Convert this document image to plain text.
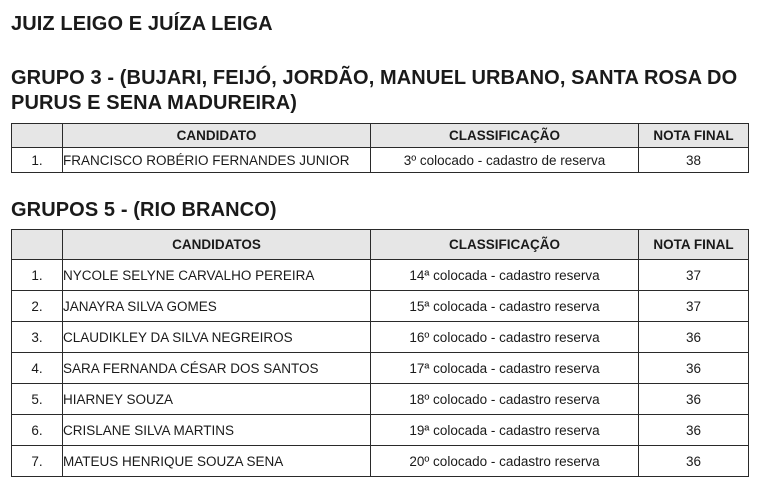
JUIZ LEIGO E JUÍZA LEIGA
GRUPO 3 - (BUJARI, FEIJÓ, JORDÃO, MANUEL URBANO, SANTA ROSA DO PURUS E SENA MADUREIRA)
	CANDIDATO	CLASSIFICAÇÃO	NOTA FINAL
1.	FRANCISCO ROBÉRIO FERNANDES JUNIOR	3º colocado - cadastro de reserva	38
GRUPOS 5 - (RIO BRANCO)
	CANDIDATOS	CLASSIFICAÇÃO	NOTA FINAL
1.	NYCOLE SELYNE CARVALHO PEREIRA	14ª colocada - cadastro reserva	37
2.	JANAYRA SILVA GOMES	15ª colocada - cadastro reserva	37
3.	CLAUDIKLEY DA SILVA NEGREIROS	16º colocado - cadastro reserva	36
4.	SARA FERNANDA CÉSAR DOS SANTOS	17ª colocada - cadastro reserva	36
5.	HIARNEY SOUZA	18º colocado - cadastro reserva	36
6.	CRISLANE SILVA MARTINS	19ª colocada - cadastro reserva	36
7.	MATEUS HENRIQUE SOUZA SENA	20º colocado - cadastro reserva	36
